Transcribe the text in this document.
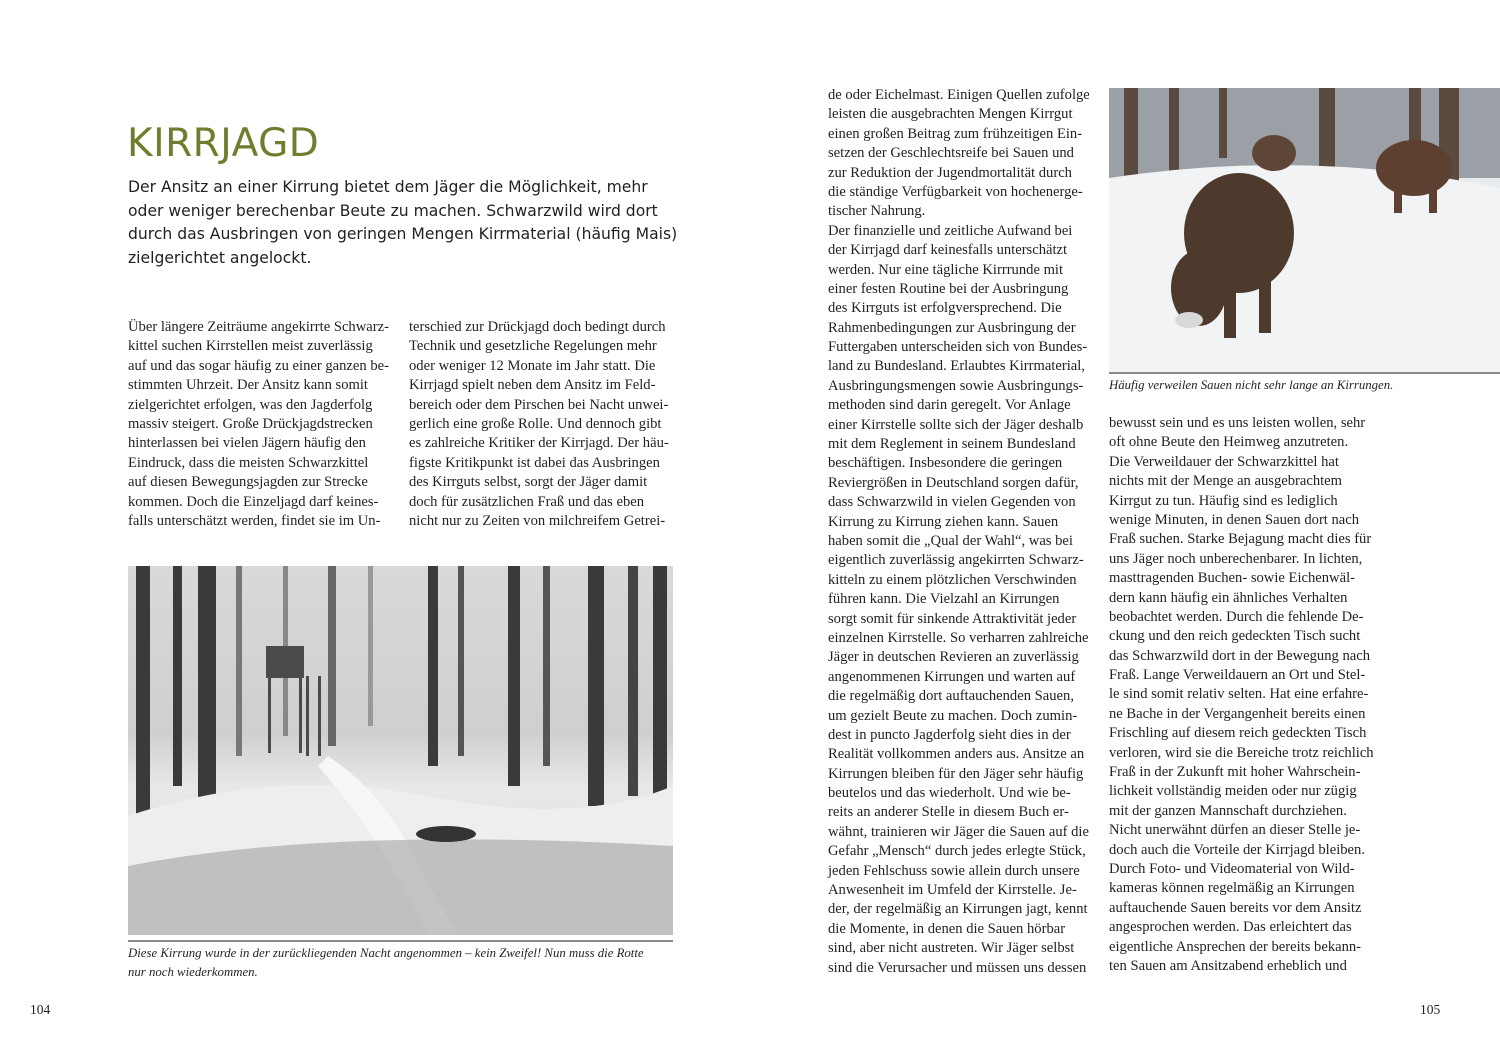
KIRRJAGD
Der Ansitz an einer Kirrung bietet dem Jäger die Möglichkeit, mehr
oder weniger berechenbar Beute zu machen. Schwarzwild wird dort
durch das Ausbringen von geringen Mengen Kirrmaterial (häufig Mais)
zielgerichtet angelockt.
Über längere Zeiträume angekirrte Schwarz-
kittel suchen Kirrstellen meist zuverlässig
auf und das sogar häufig zu einer ganzen be-
stimmten Uhrzeit. Der Ansitz kann somit
zielgerichtet erfolgen, was den Jagderfolg
massiv steigert. Große Drückjagdstrecken
hinterlassen bei vielen Jägern häufig den
Eindruck, dass die meisten Schwarzkittel
auf diesen Bewegungsjagden zur Strecke
kommen. Doch die Einzeljagd darf keines-
falls unterschätzt werden, findet sie im Un-
terschied zur Drückjagd doch bedingt durch
Technik und gesetzliche Regelungen mehr
oder weniger 12 Monate im Jahr statt. Die
Kirrjagd spielt neben dem Ansitz im Feld-
bereich oder dem Pirschen bei Nacht unwei-
gerlich eine große Rolle. Und dennoch gibt
es zahlreiche Kritiker der Kirrjagd. Der häu-
figste Kritikpunkt ist dabei das Ausbringen
des Kirrguts selbst, sorgt der Jäger damit
doch für zusätzlichen Fraß und das eben
nicht nur zu Zeiten von milchreifem Getrei-
Diese Kirrung wurde in der zurückliegenden Nacht angenommen – kein Zweifel! Nun muss die Rotte
nur noch wiederkommen.
104
de oder Eichelmast. Einigen Quellen zufolge
leisten die ausgebrachten Mengen Kirrgut
einen großen Beitrag zum frühzeitigen Ein-
setzen der Geschlechtsreife bei Sauen und
zur Reduktion der Jugendmortalität durch
die ständige Verfügbarkeit von hochenerge-
tischer Nahrung.
Der finanzielle und zeitliche Aufwand bei
der Kirrjagd darf keinesfalls unterschätzt
werden. Nur eine tägliche Kirrrunde mit
einer festen Routine bei der Ausbringung
des Kirrguts ist erfolgversprechend. Die
Rahmenbedingungen zur Ausbringung der
Futtergaben unterscheiden sich von Bundes-
land zu Bundesland. Erlaubtes Kirrmaterial,
Ausbringungsmengen sowie Ausbringungs-
methoden sind darin geregelt. Vor Anlage
einer Kirrstelle sollte sich der Jäger deshalb
mit dem Reglement in seinem Bundesland
beschäftigen. Insbesondere die geringen
Reviergrößen in Deutschland sorgen dafür,
dass Schwarzwild in vielen Gegenden von
Kirrung zu Kirrung ziehen kann. Sauen
haben somit die „Qual der Wahl“, was bei
eigentlich zuverlässig angekirrten Schwarz-
kitteln zu einem plötzlichen Verschwinden
führen kann. Die Vielzahl an Kirrungen
sorgt somit für sinkende Attraktivität jeder
einzelnen Kirrstelle. So verharren zahlreiche
Jäger in deutschen Revieren an zuverlässig
angenommenen Kirrungen und warten auf
die regelmäßig dort auftauchenden Sauen,
um gezielt Beute zu machen. Doch zumin-
dest in puncto Jagderfolg sieht dies in der
Realität vollkommen anders aus. Ansitze an
Kirrungen bleiben für den Jäger sehr häufig
beutelos und das wiederholt. Und wie be-
reits an anderer Stelle in diesem Buch er-
wähnt, trainieren wir Jäger die Sauen auf die
Gefahr „Mensch“ durch jedes erlegte Stück,
jeden Fehlschuss sowie allein durch unsere
Anwesenheit im Umfeld der Kirrstelle. Je-
der, der regelmäßig an Kirrungen jagt, kennt
die Momente, in denen die Sauen hörbar
sind, aber nicht austreten. Wir Jäger selbst
sind die Verursacher und müssen uns dessen
Häufig verweilen Sauen nicht sehr lange an Kirrungen.
bewusst sein und es uns leisten wollen, sehr
oft ohne Beute den Heimweg anzutreten.
Die Verweildauer der Schwarzkittel hat
nichts mit der Menge an ausgebrachtem
Kirrgut zu tun. Häufig sind es lediglich
wenige Minuten, in denen Sauen dort nach
Fraß suchen. Starke Bejagung macht dies für
uns Jäger noch unberechenbarer. In lichten,
masttragenden Buchen- sowie Eichenwäl-
dern kann häufig ein ähnliches Verhalten
beobachtet werden. Durch die fehlende De-
ckung und den reich gedeckten Tisch sucht
das Schwarzwild dort in der Bewegung nach
Fraß. Lange Verweildauern an Ort und Stel-
le sind somit relativ selten. Hat eine erfahre-
ne Bache in der Vergangenheit bereits einen
Frischling auf diesem reich gedeckten Tisch
verloren, wird sie die Bereiche trotz reichlich
Fraß in der Zukunft mit hoher Wahrschein-
lichkeit vollständig meiden oder nur zügig
mit der ganzen Mannschaft durchziehen.
Nicht unerwähnt dürfen an dieser Stelle je-
doch auch die Vorteile der Kirrjagd bleiben.
Durch Foto- und Videomaterial von Wild-
kameras können regelmäßig an Kirrungen
auftauchende Sauen bereits vor dem Ansitz
angesprochen werden. Das erleichtert das
eigentliche Ansprechen der bereits bekann-
ten Sauen am Ansitzabend erheblich und
105
